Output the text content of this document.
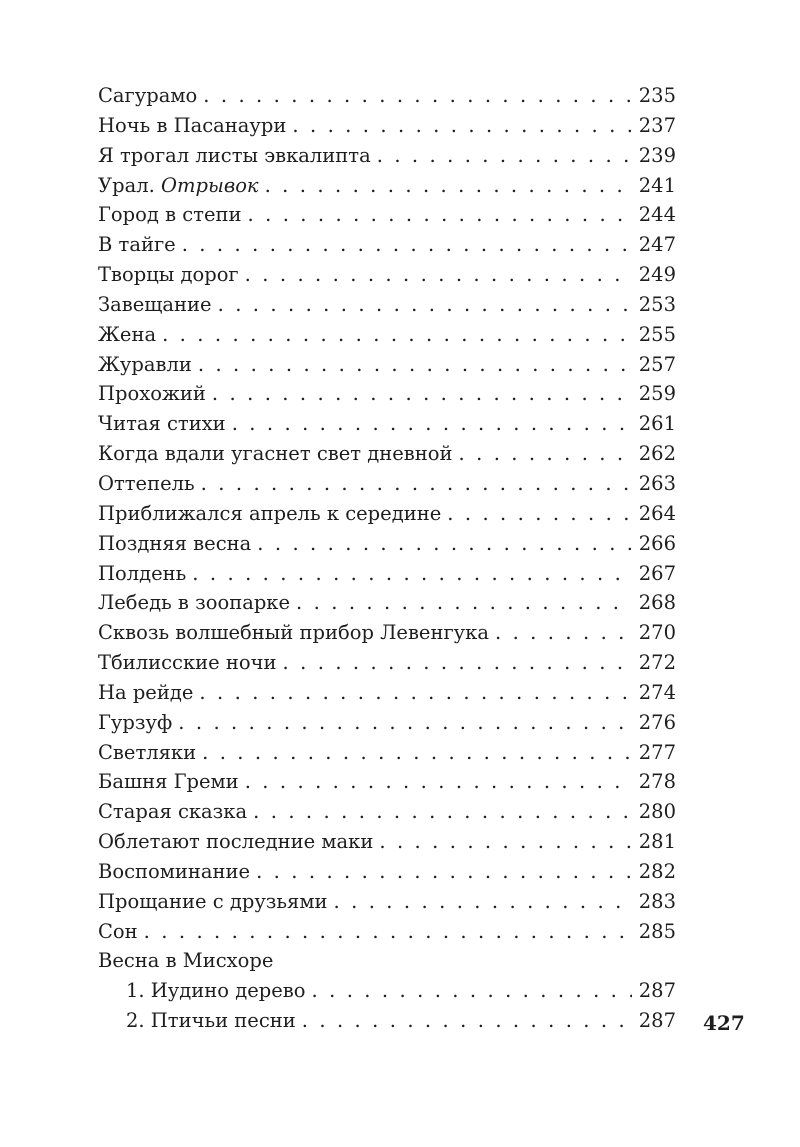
Сагурамо . . .	235
Ночь в Пасанаури . . .	237
Я трогал листы эвкалипта . . .	239
Урал. Отрывок . . .	241
Город в степи . . .	244
В тайге . . .	247
Творцы дорог . . .	249
Завещание . . .	253
Жена . . .	255
Журавли . . .	257
Прохожий . . .	259
Читая стихи . . .	261
Когда вдали угаснет свет дневной . . .	262
Оттепель . . .	263
Приближался апрель к середине . . .	264
Поздняя весна . . .	266
Полдень . . .	267
Лебедь в зоопарке . . .	268
Сквозь волшебный прибор Левенгука . . .	270
Тбилисские ночи . . .	272
На рейде . . .	274
Гурзуф . . .	276
Светляки . . .	277
Башня Греми . . .	278
Старая сказка . . .	280
Облетают последние маки . . .	281
Воспоминание . . .	282
Прощание с друзьями . . .	283
Сон . . .	285
Весна в Мисхоре
1. Иудино дерево . . .	287
2. Птичьи песни . . .	287 427
